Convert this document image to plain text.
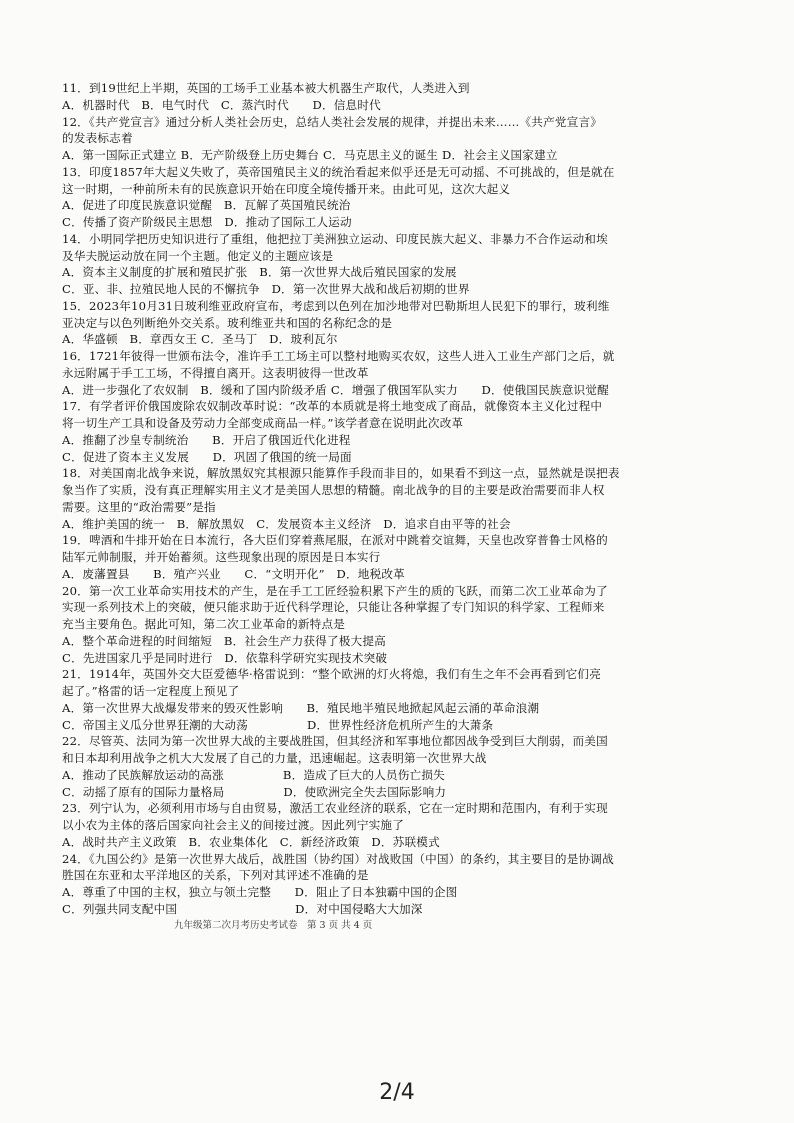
11．到19世纪上半期，英国的工场手工业基本被大机器生产取代，人类进入到
A．机器时代　B．电气时代　C．蒸汽时代　　D．信息时代
12．《共产党宣言》通过分析人类社会历史，总结人类社会发展的规律，并提出未来……《共产党宣言》
的发表标志着
A．第一国际正式建立 B．无产阶级登上历史舞台 C．马克思主义的诞生 D．社会主义国家建立
13．印度1857年大起义失败了，英帝国殖民主义的统治看起来似乎还是无可动摇、不可挑战的，但是就在
这一时期，一种前所未有的民族意识开始在印度全境传播开来。由此可见，这次大起义
A．促进了印度民族意识觉醒　B．瓦解了英国殖民统治
C．传播了资产阶级民主思想　D．推动了国际工人运动
14．小明同学把历史知识进行了重组，他把拉丁美洲独立运动、印度民族大起义、非暴力不合作运动和埃
及华夫脱运动放在同一个主题。他定义的主题应该是
A．资本主义制度的扩展和殖民扩张　B．第一次世界大战后殖民国家的发展
C．亚、非、拉殖民地人民的不懈抗争　D．第一次世界大战和战后初期的世界
15．2023年10月31日玻利维亚政府宣布，考虑到以色列在加沙地带对巴勒斯坦人民犯下的罪行，玻利维
亚决定与以色列断绝外交关系。玻利维亚共和国的名称纪念的是
A．华盛顿　B．章西女王 C．圣马丁　D．玻利瓦尔
16．1721年彼得一世颁布法令，准许手工工场主可以整村地购买农奴，这些人进入工业生产部门之后，就
永远附属于手工工场，不得擅自离开。这表明彼得一世改革
A．进一步强化了农奴制　B．缓和了国内阶级矛盾 C．增强了俄国军队实力　　D．使俄国民族意识觉醒
17．有学者评价俄国废除农奴制改革时说：“改革的本质就是将土地变成了商品，就像资本主义化过程中
将一切生产工具和设备及劳动力全部变成商品一样。”该学者意在说明此次改革
A．推翻了沙皇专制统治　　B．开启了俄国近代化进程
C．促进了资本主义发展　　D．巩固了俄国的统一局面
18．对美国南北战争来说，解放黑奴究其根源只能算作手段而非目的，如果看不到这一点，显然就是误把表
象当作了实质，没有真正理解实用主义才是美国人思想的精髓。南北战争的目的主要是政治需要而非人权
需要。这里的“政治需要”是指
A．维护美国的统一　B．解放黑奴　C．发展资本主义经济　D．追求自由平等的社会
19．啤酒和牛排开始在日本流行，各大臣们穿着燕尾服，在派对中跳着交谊舞，天皇也改穿普鲁士风格的
陆军元帅制服，并开始蓄须。这些现象出现的原因是日本实行
A．废藩置县　　B．殖产兴业　　C．“文明开化”　D．地税改革
20．第一次工业革命实用技术的产生，是在手工工匠经验积累下产生的质的飞跃，而第二次工业革命为了
实现一系列技术上的突破，便只能求助于近代科学理论，只能让各种掌握了专门知识的科学家、工程师来
充当主要角色。据此可知，第二次工业革命的新特点是
A．整个革命进程的时间缩短　B．社会生产力获得了极大提高
C．先进国家几乎是同时进行　D．依靠科学研究实现技术突破
21．1914年，英国外交大臣爱德华·格雷说到：“整个欧洲的灯火将熄，我们有生之年不会再看到它们亮
起了。”格雷的话一定程度上预见了
A．第一次世界大战爆发带来的毁灭性影响　　B．殖民地半殖民地掀起风起云涌的革命浪潮
C．帝国主义瓜分世界狂潮的大动荡　　　　　D．世界性经济危机所产生的大萧条
22．尽管英、法同为第一次世界大战的主要战胜国，但其经济和军事地位都因战争受到巨大削弱，而美国
和日本却利用战争之机大大发展了自己的力量，迅速崛起。这表明第一次世界大战
A．推动了民族解放运动的高涨　　　　　B．造成了巨大的人员伤亡损失
C．动摇了原有的国际力量格局　　　　　D．使欧洲完全失去国际影响力
23．列宁认为，必须利用市场与自由贸易，激活工农业经济的联系，它在一定时期和范围内，有利于实现
以小农为主体的落后国家向社会主义的间接过渡。因此列宁实施了
A．战时共产主义政策　B．农业集体化　C．新经济政策　D．苏联模式
24．《九国公约》是第一次世界大战后，战胜国（协约国）对战败国（中国）的条约，其主要目的是协调战
胜国在东亚和太平洋地区的关系，下列对其评述不准确的是
A．尊重了中国的主权，独立与领土完整　　D．阻止了日本独霸中国的企图
C．列强共同支配中国　　　　　　　　　　D．对中国侵略大大加深
九年级第二次月考历史考试卷　第 3 页 共 4 页
2/4
